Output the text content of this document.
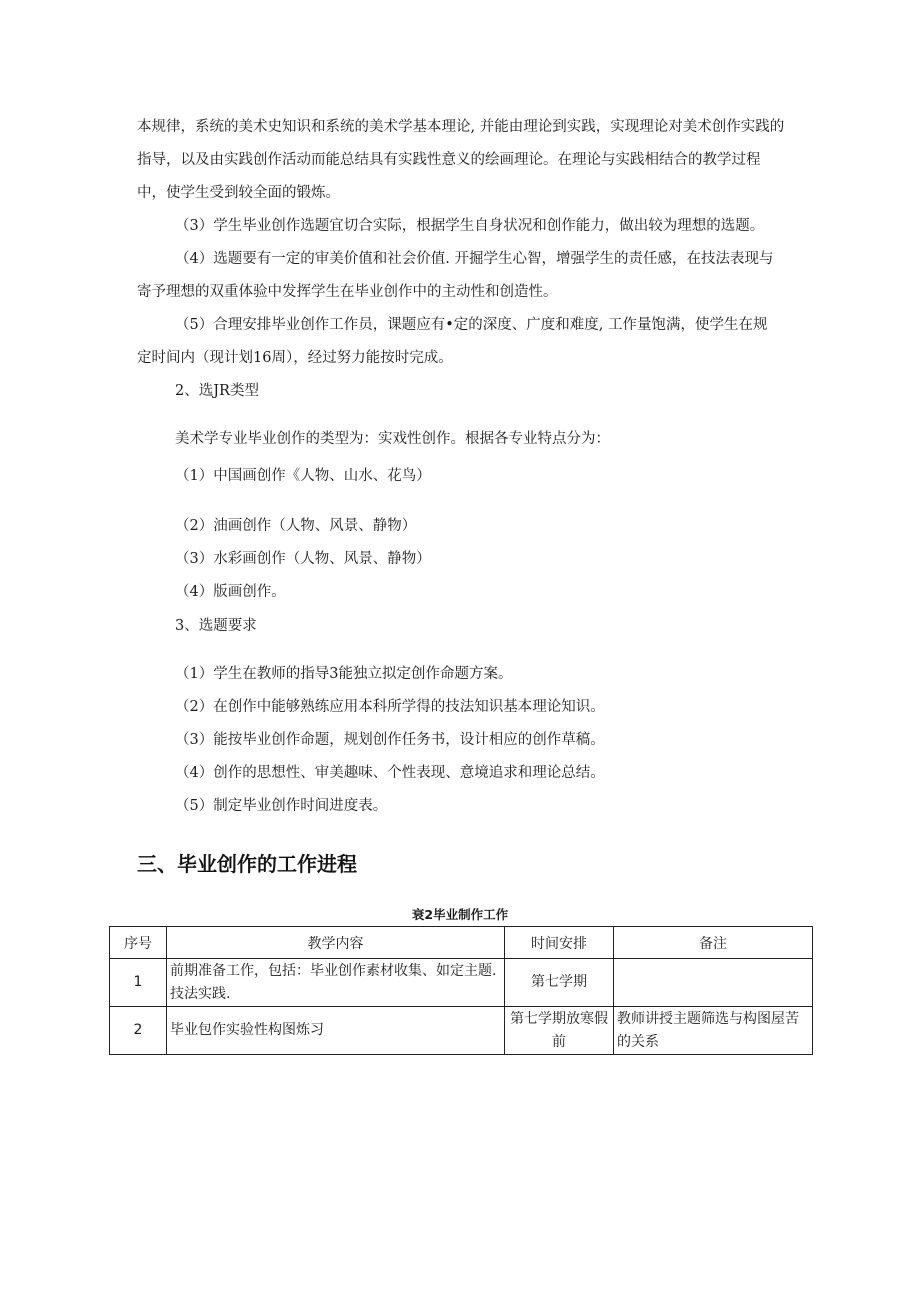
本规律，系统的美术史知识和系统的美术学基本理论, 并能由理论到实践，实现理论对美术创作实践的

指导，以及由实践创作活动而能总结具有实践性意义的绘画理论。在理论与实践相结合的教学过程

中，使学生受到较全面的锻炼。

（3）学生毕业创作选题宜切合实际，根据学生自身状况和创作能力，做出较为理想的选题。

（4）选题要有一定的审美价值和社会价值. 开掘学生心智，增强学生的责任感，在技法表现与

寄予理想的双重体验中发挥学生在毕业创作中的主动性和创造性。

（5）合理安排毕业创作工作员，课题应有•定的深度、广度和难度, 工作量饱满，使学生在规

定时间内（现计划16周），经过努力能按时完成。

2、选JR类型

美术学专业毕业创作的类型为：实戏性创作。根据各专业特点分为：

（1）中国画创作《人物、山水、花鸟）

（2）油画创作（人物、风景、静物）

（3）水彩画创作（人物、风景、静物）

（4）版画创作。

3、选题要求

（1）学生在教师的指导3能独立拟定创作命题方案。

（2）在创作中能够熟练应用本科所学得的技法知识基本理论知识。

（3）能按毕业创作命题，规划创作任务书，设计相应的创作草稿。

（4）创作的思想性、审美趣味、个性表现、意境追求和理论总结。

（5）制定毕业创作时间进度表。

三、毕业创作的工作进程

衰2毕业制作工作

序号	教学内容	时间安排	备注
1	前期准备工作，包括：毕业创作素材收集、如定主题. 技法实践.	第七学期	
2	毕业包作实验性构图炼习	第七学期放寒假前	教师讲授主题筛选与构图屋苦的关系
